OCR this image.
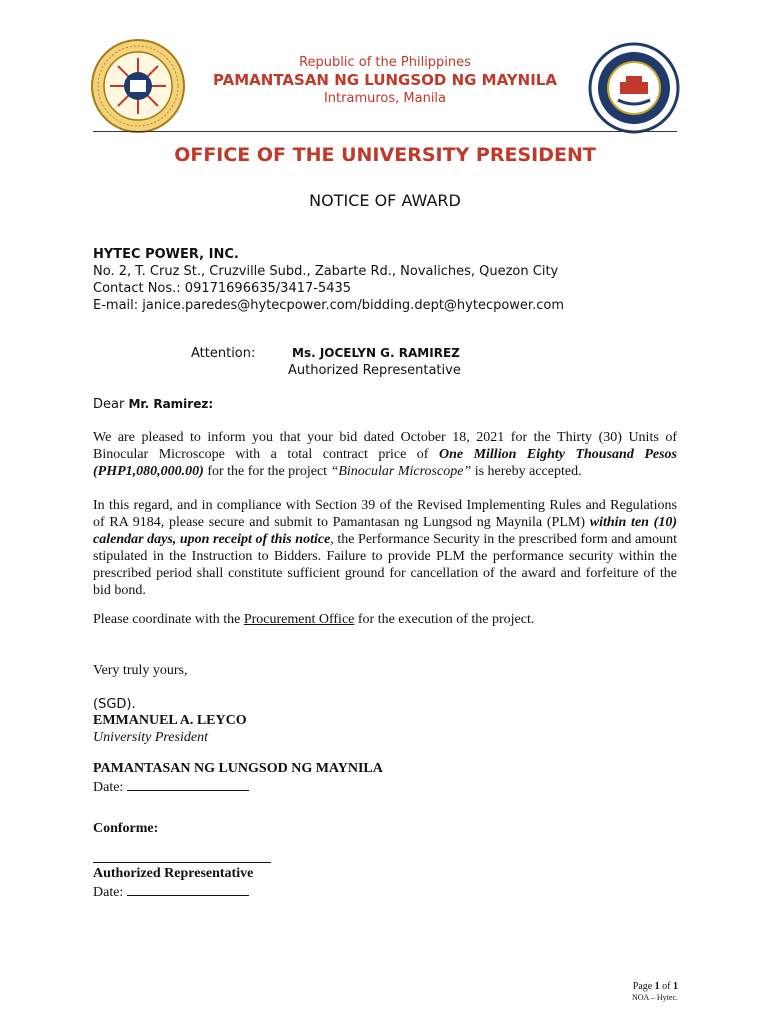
Republic of the Philippines
PAMANTASAN NG LUNGSOD NG MAYNILA
Intramuros, Manila
OFFICE OF THE UNIVERSITY PRESIDENT
NOTICE OF AWARD
HYTEC POWER, INC.
No. 2, T. Cruz St., Cruzville Subd., Zabarte Rd., Novaliches, Quezon City
Contact Nos.: 09171696635/3417-5435
E-mail: janice.paredes@hytecpower.com/bidding.dept@hytecpower.com
Attention:	Ms. JOCELYN G. RAMIREZ
Authorized Representative
Dear Mr. Ramirez:
We are pleased to inform you that your bid dated October 18, 2021 for the Thirty (30) Units of Binocular Microscope with a total contract price of One Million Eighty Thousand Pesos (PHP1,080,000.00) for the for the project “Binocular Microscope” is hereby accepted.
In this regard, and in compliance with Section 39 of the Revised Implementing Rules and Regulations of RA 9184, please secure and submit to Pamantasan ng Lungsod ng Maynila (PLM) within ten (10) calendar days, upon receipt of this notice, the Performance Security in the prescribed form and amount stipulated in the Instruction to Bidders. Failure to provide PLM the performance security within the prescribed period shall constitute sufficient ground for cancellation of the award and forfeiture of the bid bond.
Please coordinate with the Procurement Office for the execution of the project.
Very truly yours,
(SGD).
EMMANUEL A. LEYCO
University President
PAMANTASAN NG LUNGSOD NG MAYNILA
Date:
Conforme:
Authorized Representative
Date:
Page 1 of 1
NOA – Hytec.
